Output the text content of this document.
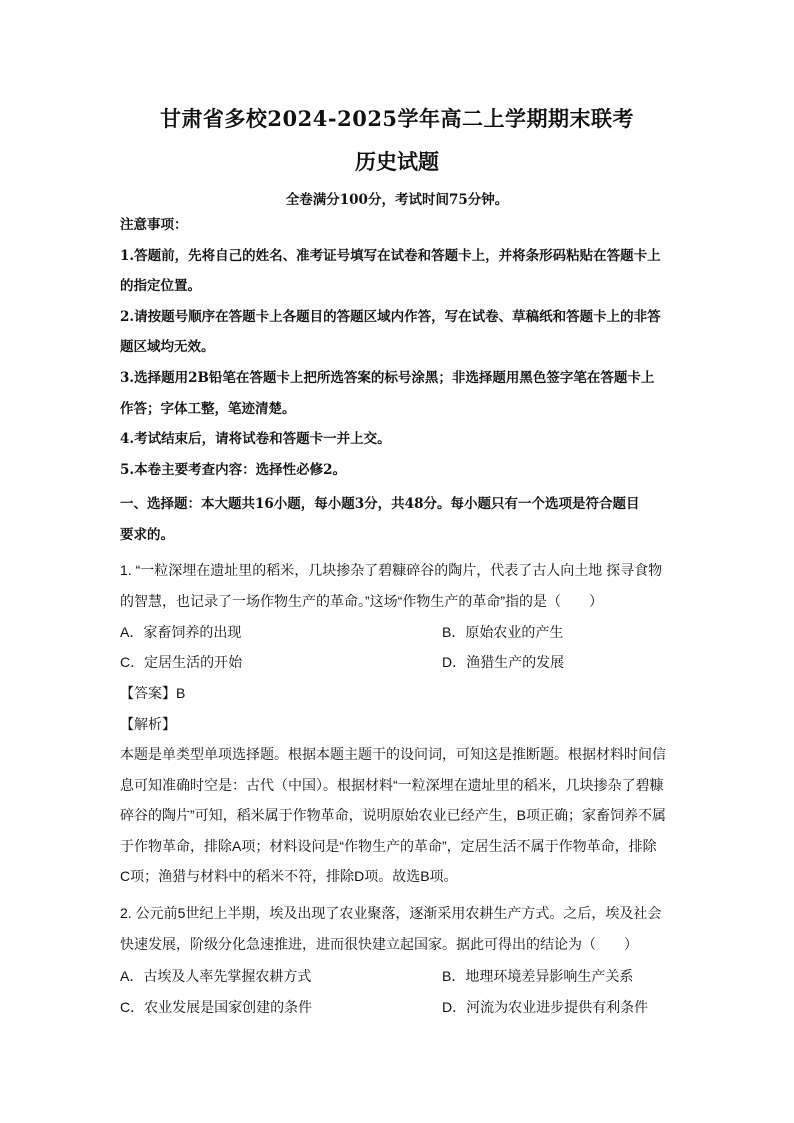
甘肃省多校2024-2025学年高二上学期期末联考
历史试题
全卷满分100分，考试时间75分钟。

注意事项：

1.答题前，先将自己的姓名、准考证号填写在试卷和答题卡上，并将条形码粘贴在答题卡上

的指定位置。

2.请按题号顺序在答题卡上各题目的答题区域内作答，写在试卷、草稿纸和答题卡上的非答

题区域均无效。

3.选择题用2B铅笔在答题卡上把所选答案的标号涂黑；非选择题用黑色签字笔在答题卡上

作答；字体工整，笔迹清楚。

4.考试结束后，请将试卷和答题卡一并上交。

5.本卷主要考查内容：选择性必修2。

一、选择题：本大题共16小题，每小题3分，共48分。每小题只有一个选项是符合题目

要求的。

1. “一粒深埋在遗址里的稻米，几块掺杂了碧糠碎谷的陶片，代表了古人向土地 探寻食物

的智慧，也记录了一场作物生产的革命。”这场“作物生产的革命”指的是（　　）

A．家畜饲养的出现	B．原始农业的产生
C．定居生活的开始	D．渔猎生产的发展
【答案】B
【解析】

本题是单类型单项选择题。根据本题主题干的设问词，可知这是推断题。根据材料时间信

息可知准确时空是：古代（中国）。根据材料“一粒深埋在遗址里的稻米，几块掺杂了碧糠

碎谷的陶片”可知，稻米属于作物革命，说明原始农业已经产生，B项正确；家畜饲养不属

于作物革命，排除A项；材料设问是“作物生产的革命”，定居生活不属于作物革命，排除

C项；渔猎与材料中的稻米不符，排除D项。故选B项。

2. 公元前5世纪上半期，埃及出现了农业聚落，逐渐采用农耕生产方式。之后，埃及社会

快速发展，阶级分化急速推进，进而很快建立起国家。据此可得出的结论为（　　）

A．古埃及人率先掌握农耕方式	B．地理环境差异影响生产关系
C．农业发展是国家创建的条件	D．河流为农业进步提供有利条件
